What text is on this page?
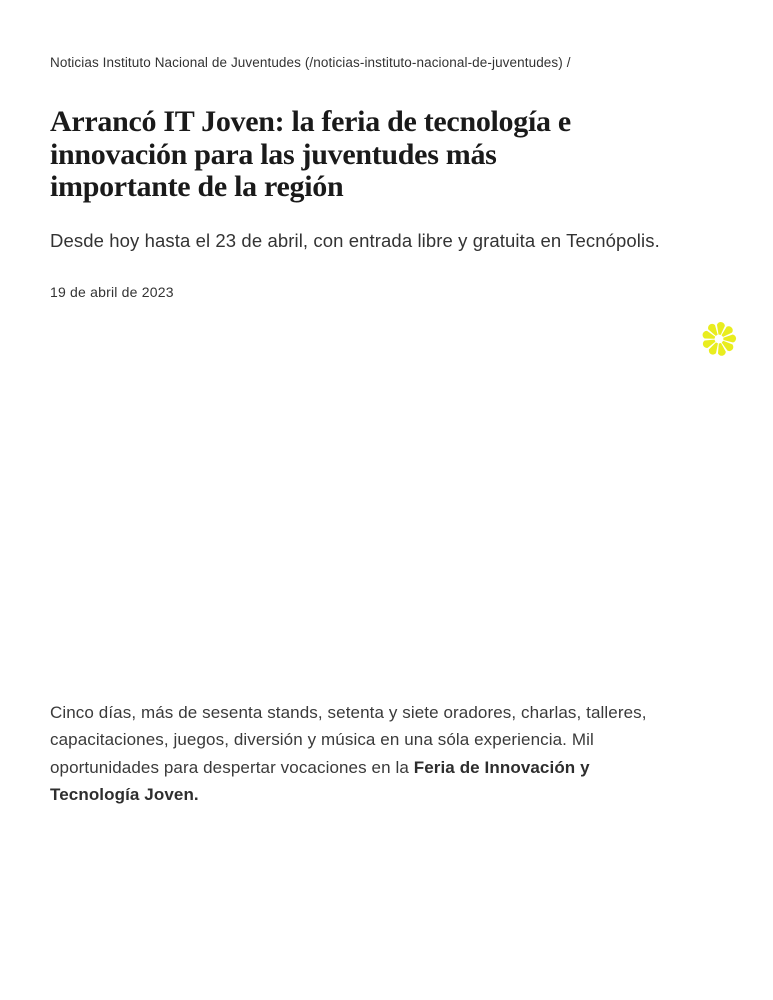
Noticias Instituto Nacional de Juventudes (/noticias-instituto-nacional-de-juventudes) /
Arrancó IT Joven: la feria de tecnología e
innovación para las juventudes más
importante de la región

Desde hoy hasta el 23 de abril, con entrada libre y gratuita en Tecnópolis.

19 de abril de 2023

Cinco días, más de sesenta stands, setenta y siete oradores, charlas, talleres,
capacitaciones, juegos, diversión y música en una sóla experiencia. Mil
oportunidades para despertar vocaciones en la Feria de Innovación y
Tecnología Joven.
